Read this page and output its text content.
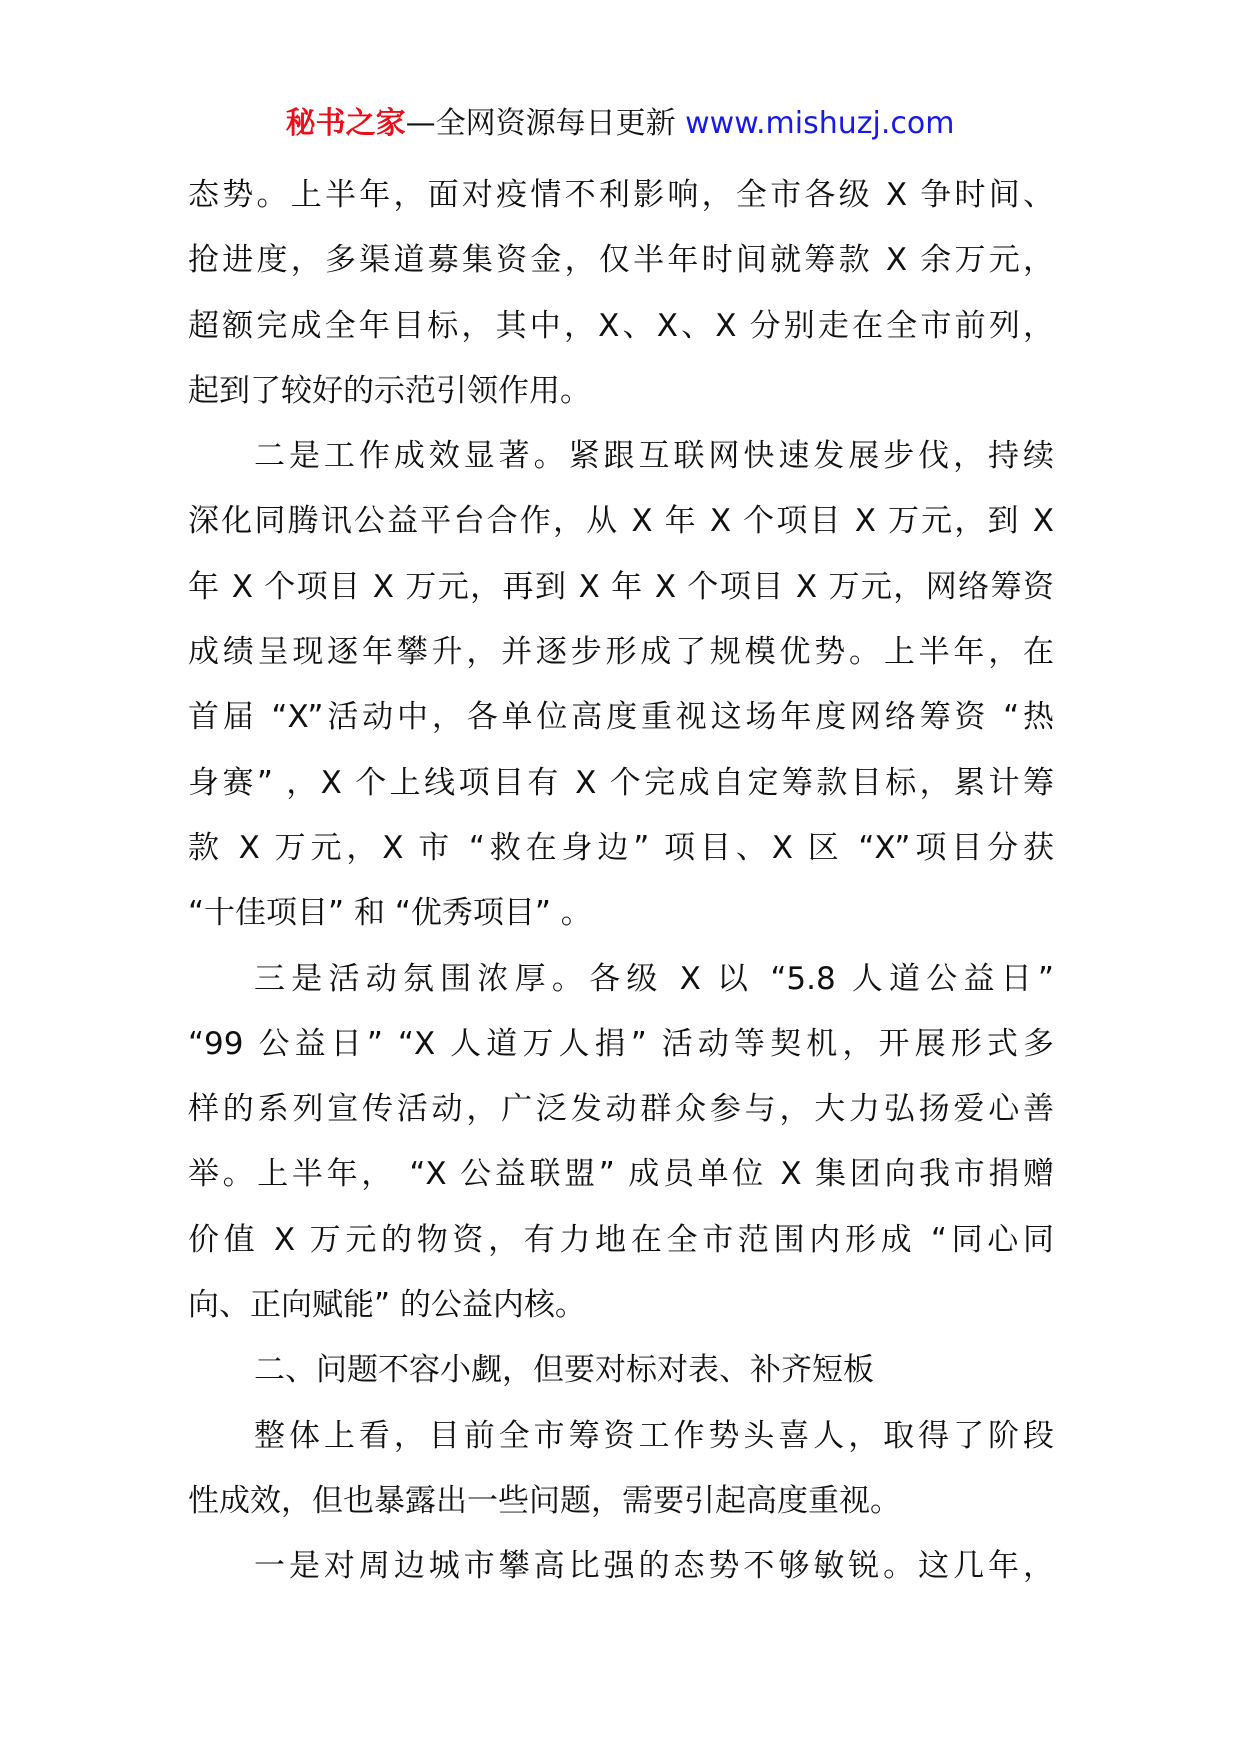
秘书之家—全网资源每日更新 www.mishuzj.com
态势。上半年，面对疫情不利影响，全市各级 X 争时间、
抢进度，多渠道募集资金，仅半年时间就筹款 X 余万元，
超额完成全年目标，其中，X、X、X 分别走在全市前列，
起到了较好的示范引领作用。
二是工作成效显著。紧跟互联网快速发展步伐，持续
深化同腾讯公益平台合作，从 X 年 X 个项目 X 万元，到 X
年 X 个项目 X 万元，再到 X 年 X 个项目 X 万元，网络筹资
成绩呈现逐年攀升，并逐步形成了规模优势。上半年，在
首届 “X”活动中，各单位高度重视这场年度网络筹资 “热
身赛” ，X 个上线项目有 X 个完成自定筹款目标，累计筹
款 X 万元，X 市 “救在身边” 项目、X 区 “X”项目分获
“十佳项目” 和 “优秀项目” 。
三是活动氛围浓厚。各级 X 以 “5.8 人道公益日”
“99 公益日” “X 人道万人捐” 活动等契机，开展形式多
样的系列宣传活动，广泛发动群众参与，大力弘扬爱心善
举。上半年， “X 公益联盟” 成员单位 X 集团向我市捐赠
价值 X 万元的物资，有力地在全市范围内形成 “同心同
向、正向赋能” 的公益内核。
二、问题不容小觑，但要对标对表、补齐短板
整体上看，目前全市筹资工作势头喜人，取得了阶段
性成效，但也暴露出一些问题，需要引起高度重视。
一是对周边城市攀高比强的态势不够敏锐。这几年，
